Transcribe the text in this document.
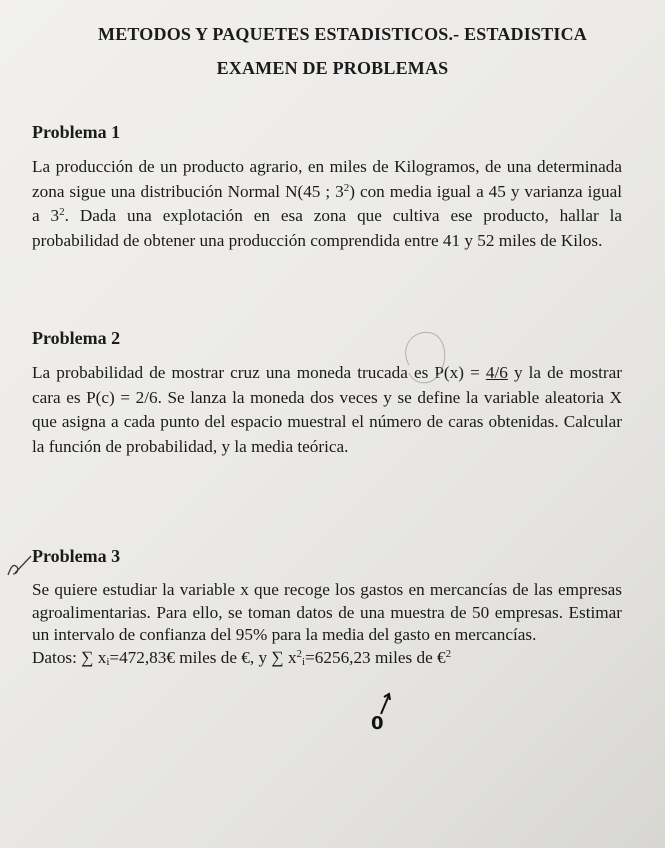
METODOS Y PAQUETES ESTADISTICOS.- ESTADISTICA
EXAMEN DE PROBLEMAS
Problema 1

La producción de un producto agrario, en miles de Kilogramos, de una determinada zona sigue una distribución Normal N(45 ; $3^2$) con media igual a 45 y varianza igual a $3^2$. Dada una explotación en esa zona que cultiva ese producto, hallar la probabilidad de obtener una producción comprendida entre 41 y 52 miles de Kilos.

Problema 2

La probabilidad de mostrar cruz una moneda trucada es P(x) = 4/6 y la de mostrar cara es P(c) = 2/6. Se lanza la moneda dos veces y se define la variable aleatoria X que asigna a cada punto del espacio muestral el número de caras obtenidas. Calcular la función de probabilidad, y la media teórica.

Problema 3

Se quiere estudiar la variable x que recoge los gastos en mercancías de las empresas agroalimentarias. Para ello, se toman datos de una muestra de 50 empresas. Estimar un intervalo de confianza del 95% para la media del gasto en mercancías.

Datos: ∑ $x_i=472,83€$ miles de €, y ∑ $x^2_i=6256,23$ miles de €$^2$
0
